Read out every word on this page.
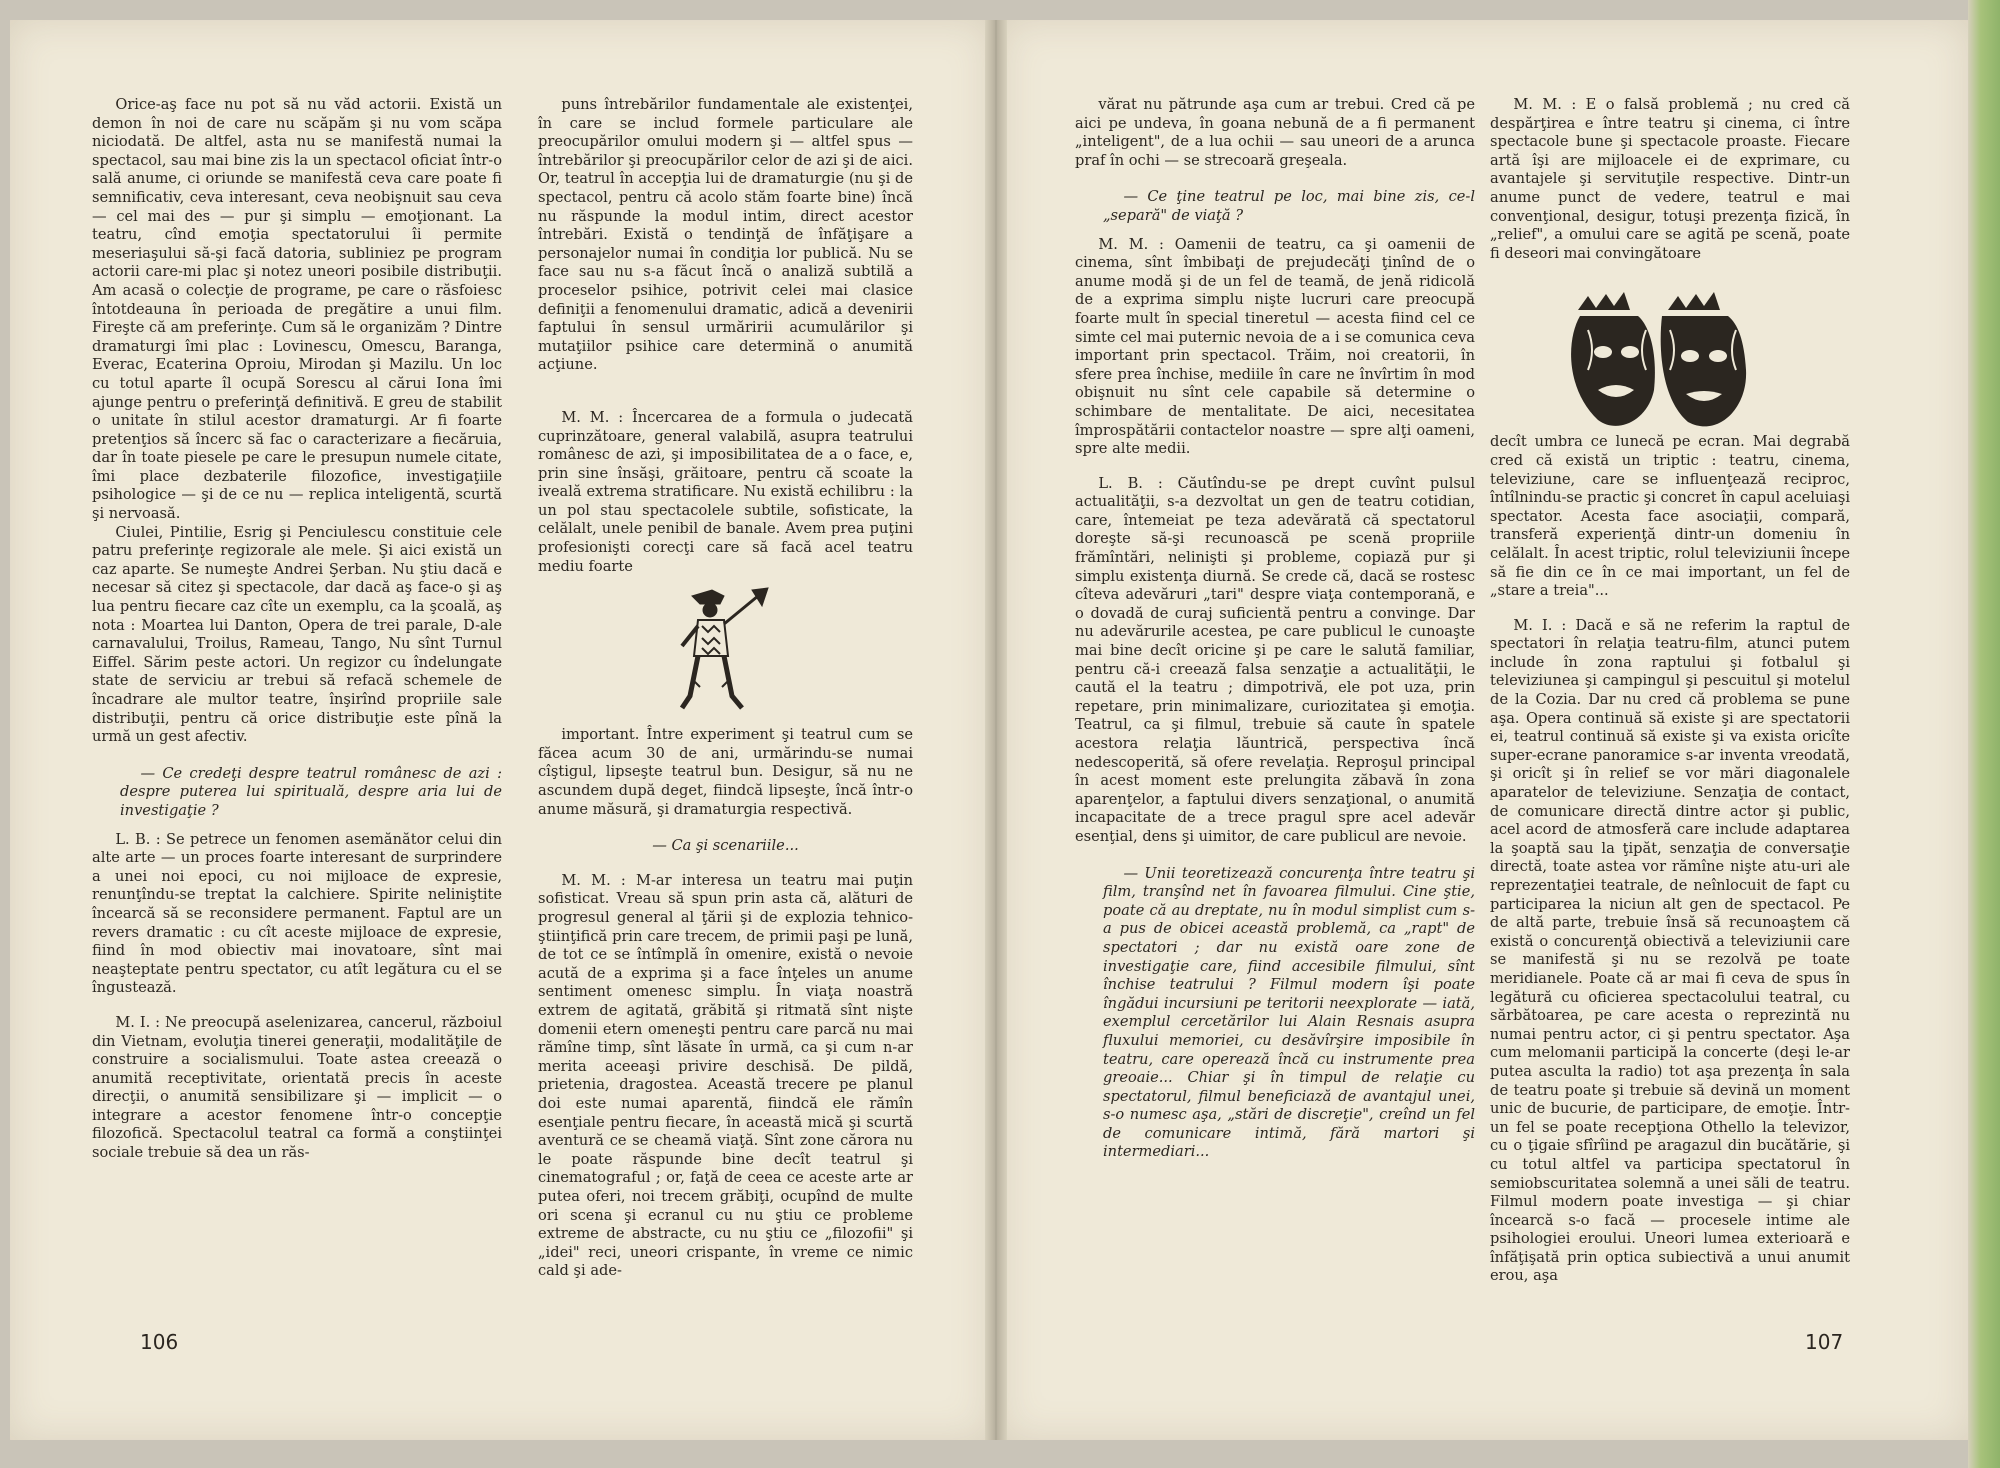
Orice-aş face nu pot să nu văd actorii. Există un demon în noi de care nu scăpăm şi nu vom scăpa niciodată. De altfel, asta nu se manifestă numai la spectacol, sau mai bine zis la un spectacol oficiat într-o sală anume, ci oriunde se manifestă ceva care poate fi semnificativ, ceva interesant, ceva neobişnuit sau ceva — cel mai des — pur şi simplu — emoţionant. La teatru, cînd emoţia spectatorului îi permite meseriaşului să-şi facă datoria, subliniez pe program actorii care-mi plac şi notez uneori posibile distribuţii. Am acasă o colecţie de programe, pe care o răsfoiesc întotdeauna în perioada de pregătire a unui film. Fireşte că am preferinţe. Cum să le organizăm ? Dintre dramaturgi îmi plac : Lovinescu, Omescu, Baranga, Everac, Ecaterina Oproiu, Mirodan şi Mazilu. Un loc cu totul aparte îl ocupă Sorescu al cărui Iona îmi ajunge pentru o preferinţă definitivă. E greu de stabilit o unitate în stilul acestor dramaturgi. Ar fi foarte pretenţios să încerc să fac o caracterizare a fiecăruia, dar în toate piesele pe care le presupun numele citate, îmi place dezbaterile filozofice, investigaţiile psihologice — şi de ce nu — replica inteligentă, scurtă şi nervoasă.

Ciulei, Pintilie, Esrig şi Penciulescu constituie cele patru preferinţe regizorale ale mele. Şi aici există un caz aparte. Se numeşte Andrei Şerban. Nu ştiu dacă e necesar să citez şi spectacole, dar dacă aş face-o şi aş lua pentru fiecare caz cîte un exemplu, ca la şcoală, aş nota : Moartea lui Danton, Opera de trei parale, D-ale carnavalului, Troilus, Rameau, Tango, Nu sînt Turnul Eiffel. Sărim peste actori. Un regizor cu îndelungate state de serviciu ar trebui să refacă schemele de încadrare ale multor teatre, înşirînd propriile sale distribuţii, pentru că orice distribuţie este pînă la urmă un gest afectiv.

— Ce credeţi despre teatrul românesc de azi : despre puterea lui spirituală, despre aria lui de investigaţie ?

L. B. : Se petrece un fenomen asemănător celui din alte arte — un proces foarte interesant de surprindere a unei noi epoci, cu noi mijloace de expresie, renunţîndu-se treptat la calchiere. Spirite neliniştite încearcă să se reconsidere permanent. Faptul are un revers dramatic : cu cît aceste mijloace de expresie, fiind în mod obiectiv mai inovatoare, sînt mai neaşteptate pentru spectator, cu atît legătura cu el se îngustează.

M. I. : Ne preocupă aselenizarea, cancerul, războiul din Vietnam, evoluţia tinerei generaţii, modalităţile de construire a socialismului. Toate astea creează o anumită receptivitate, orientată precis în aceste direcţii, o anumită sensibilizare şi — implicit — o integrare a acestor fenomene într-o concepţie filozofică. Spectacolul teatral ca formă a conştiinţei sociale trebuie să dea un răs-

puns întrebărilor fundamentale ale existenţei, în care se includ formele particulare ale preocupărilor omului modern şi — altfel spus — întrebărilor şi preocupărilor celor de azi şi de aici. Or, teatrul în accepţia lui de dramaturgie (nu şi de spectacol, pentru că acolo stăm foarte bine) încă nu răspunde la modul intim, direct acestor întrebări. Există o tendinţă de înfăţişare a personajelor numai în condiţia lor publică. Nu se face sau nu s-a făcut încă o analiză subtilă a proceselor psihice, potrivit celei mai clasice definiţii a fenomenului dramatic, adică a devenirii faptului în sensul urmăririi acumulărilor şi mutaţiilor psihice care determină o anumită acţiune.

M. M. : Încercarea de a formula o judecată cuprinzătoare, general valabilă, asupra teatrului românesc de azi, şi imposibilitatea de a o face, e, prin sine însăşi, grăitoare, pentru că scoate la iveală extrema stratificare. Nu există echilibru : la un pol stau spectacolele subtile, sofisticate, la celălalt, unele penibil de banale. Avem prea puţini profesionişti corecţi care să facă acel teatru mediu foarte

important. Între experiment şi teatrul cum se făcea acum 30 de ani, urmărindu-se numai cîştigul, lipseşte teatrul bun. Desigur, să nu ne ascundem după deget, fiindcă lipseşte, încă într-o anume măsură, şi dramaturgia respectivă.

— Ca şi scenariile...

M. M. : M-ar interesa un teatru mai puţin sofisticat. Vreau să spun prin asta că, alături de progresul general al ţării şi de explozia tehnico-ştiinţifică prin care trecem, de primii paşi pe lună, de tot ce se întîmplă în omenire, există o nevoie acută de a exprima şi a face înţeles un anume sentiment omenesc simplu. În viaţa noastră extrem de agitată, grăbită şi ritmată sînt nişte domenii etern omeneşti pentru care parcă nu mai rămîne timp, sînt lăsate în urmă, ca şi cum n-ar merita aceeaşi privire deschisă. De pildă, prietenia, dragostea. Această trecere pe planul doi este numai aparentă, fiindcă ele rămîn esenţiale pentru fiecare, în această mică şi scurtă aventură ce se cheamă viaţă. Sînt zone cărora nu le poate răspunde bine decît teatrul şi cinematograful ; or, faţă de ceea ce aceste arte ar putea oferi, noi trecem grăbiţi, ocupînd de multe ori scena şi ecranul cu nu ştiu ce probleme extreme de abstracte, cu nu ştiu ce „filozofii" şi „idei" reci, uneori crispante, în vreme ce nimic cald şi ade-

vărat nu pătrunde aşa cum ar trebui. Cred că pe aici pe undeva, în goana nebună de a fi permanent „inteligent", de a lua ochii — sau uneori de a arunca praf în ochi — se strecoară greşeala.

— Ce ţine teatrul pe loc, mai bine zis, ce-l „separă" de viaţă ?

M. M. : Oamenii de teatru, ca şi oamenii de cinema, sînt îmbibaţi de prejudecăţi ţinînd de o anume modă şi de un fel de teamă, de jenă ridicolă de a exprima simplu nişte lucruri care preocupă foarte mult în special tineretul — acesta fiind cel ce simte cel mai puternic nevoia de a i se comunica ceva important prin spectacol. Trăim, noi creatorii, în sfere prea închise, mediile în care ne învîrtim în mod obişnuit nu sînt cele capabile să determine o schimbare de mentalitate. De aici, necesitatea împrospătării contactelor noastre — spre alţi oameni, spre alte medii.

L. B. : Căutîndu-se pe drept cuvînt pulsul actualităţii, s-a dezvoltat un gen de teatru cotidian, care, întemeiat pe teza adevărată că spectatorul doreşte să-şi recunoască pe scenă propriile frămîntări, nelinişti şi probleme, copiază pur şi simplu existenţa diurnă. Se crede că, dacă se rostesc cîteva adevăruri „tari" despre viaţa contemporană, e o dovadă de curaj suficientă pentru a convinge. Dar nu adevărurile acestea, pe care publicul le cunoaşte mai bine decît oricine şi pe care le salută familiar, pentru că-i creează falsa senzaţie a actualităţii, le caută el la teatru ; dimpotrivă, ele pot uza, prin repetare, prin minimalizare, curiozitatea şi emoţia. Teatrul, ca şi filmul, trebuie să caute în spatele acestora relaţia lăuntrică, perspectiva încă nedescoperită, să ofere revelaţia. Reproşul principal în acest moment este prelungita zăbavă în zona aparenţelor, a faptului divers senzaţional, o anumită incapacitate de a trece pragul spre acel adevăr esenţial, dens şi uimitor, de care publicul are nevoie.

— Unii teoretizează concurenţa între teatru şi film, tranşînd net în favoarea filmului. Cine ştie, poate că au dreptate, nu în modul simplist cum s-a pus de obicei această problemă, ca „rapt" de spectatori ; dar nu există oare zone de investigaţie care, fiind accesibile filmului, sînt închise teatrului ? Filmul modern îşi poate îngădui incursiuni pe teritorii neexplorate — iată, exemplul cercetărilor lui Alain Resnais asupra fluxului memoriei, cu desăvîrşire imposibile în teatru, care operează încă cu instrumente prea greoaie... Chiar şi în timpul de relaţie cu spectatorul, filmul beneficiază de avantajul unei, s-o numesc aşa, „stări de discreţie", creînd un fel de comunicare intimă, fără martori şi intermediari...

M. M. : E o falsă problemă ; nu cred că despărţirea e între teatru şi cinema, ci între spectacole bune şi spectacole proaste. Fiecare artă îşi are mijloacele ei de exprimare, cu avantajele şi servituţile respective. Dintr-un anume punct de vedere, teatrul e mai convenţional, desigur, totuşi prezenţa fizică, în „relief", a omului care se agită pe scenă, poate fi deseori mai convingătoare

decît umbra ce lunecă pe ecran. Mai degrabă cred că există un triptic : teatru, cinema, televiziune, care se influenţează reciproc, întîlnindu-se practic şi concret în capul aceluiaşi spectator. Acesta face asociaţii, compară, transferă experienţă dintr-un domeniu în celălalt. În acest triptic, rolul televiziunii începe să fie din ce în ce mai important, un fel de „stare a treia"...

M. I. : Dacă e să ne referim la raptul de spectatori în relaţia teatru-film, atunci putem include în zona raptului şi fotbalul şi televiziunea şi campingul şi pescuitul şi motelul de la Cozia. Dar nu cred că problema se pune aşa. Opera continuă să existe şi are spectatorii ei, teatrul continuă să existe şi va exista oricîte super-ecrane panoramice s-ar inventa vreodată, şi oricît şi în relief se vor mări diagonalele aparatelor de televiziune. Senzaţia de contact, de comunicare directă dintre actor şi public, acel acord de atmosferă care include adaptarea la şoaptă sau la ţipăt, senzaţia de conversaţie directă, toate astea vor rămîne nişte atu-uri ale reprezentaţiei teatrale, de neînlocuit de fapt cu participarea la niciun alt gen de spectacol. Pe de altă parte, trebuie însă să recunoaştem că există o concurenţă obiectivă a televiziunii care se manifestă şi nu se rezolvă pe toate meridianele. Poate că ar mai fi ceva de spus în legătură cu oficierea spectacolului teatral, cu sărbătoarea, pe care acesta o reprezintă nu numai pentru actor, ci şi pentru spectator. Aşa cum melomanii participă la concerte (deşi le-ar putea asculta la radio) tot aşa prezenţa în sala de teatru poate şi trebuie să devină un moment unic de bucurie, de participare, de emoţie. Într-un fel se poate recepţiona Othello la televizor, cu o ţigaie sfîrîind pe aragazul din bucătărie, şi cu totul altfel va participa spectatorul în semiobscuritatea solemnă a unei săli de teatru. Filmul modern poate investiga — şi chiar încearcă s-o facă — procesele intime ale psihologiei eroului. Uneori lumea exterioară e înfăţişată prin optica subiectivă a unui anumit erou, aşa

106	107
